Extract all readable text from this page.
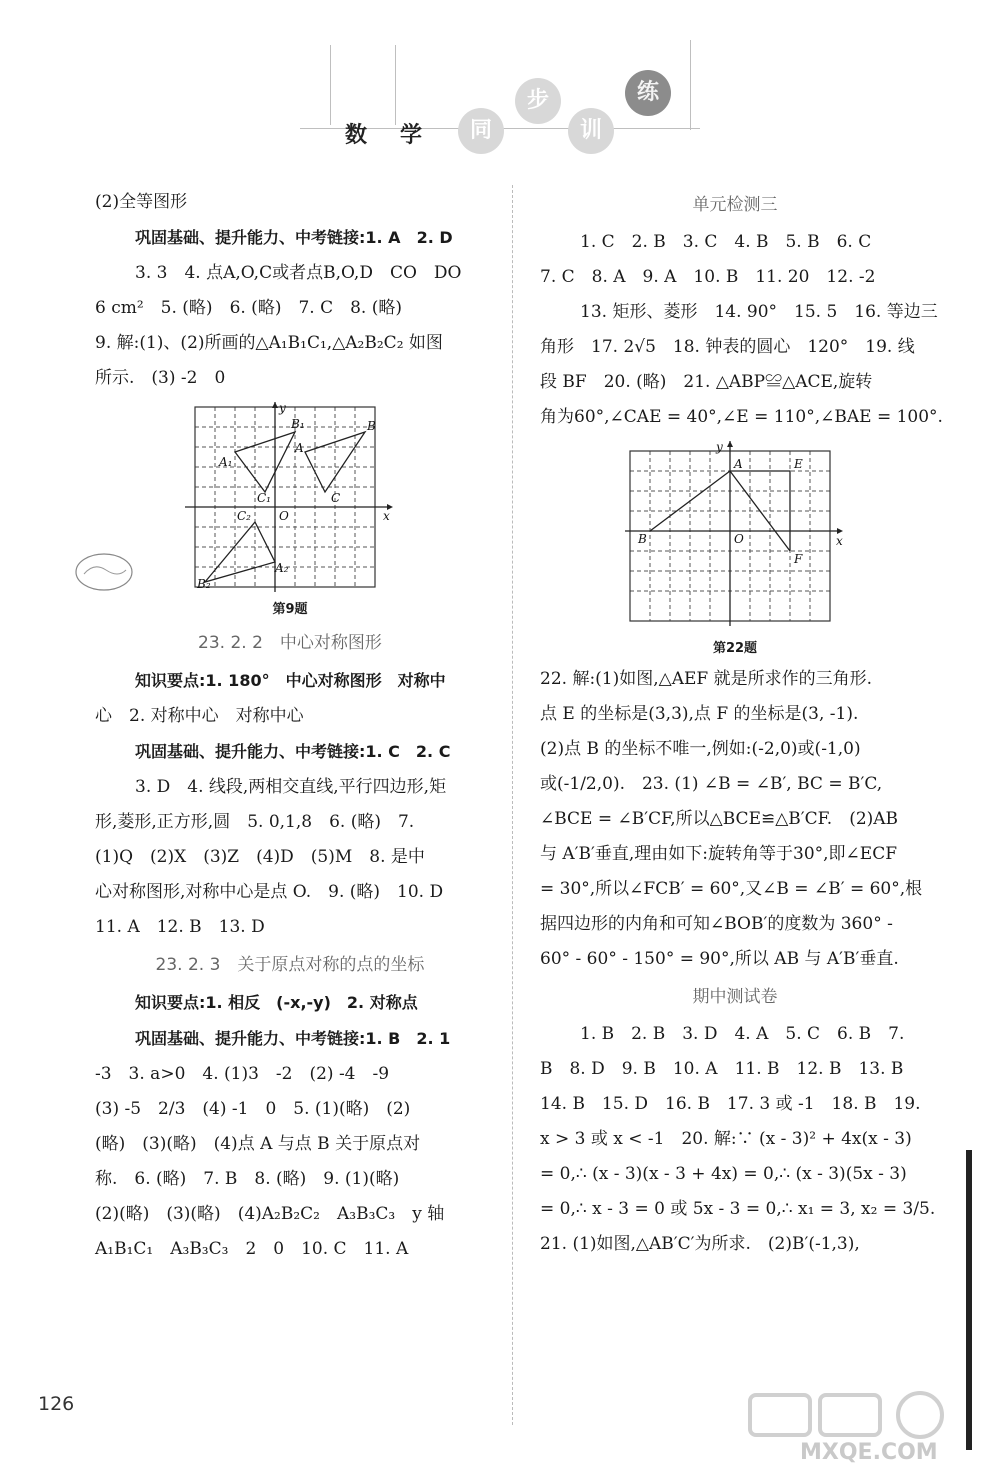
数 学	同
步
训
练
(2)全等图形
巩固基础、提升能力、中考链接:1. A　2. D
3. 3　4. 点A,O,C或者点B,O,D　CO　DO
6 cm²　5. (略)　6. (略)　7. C　8. (略)
9. 解:(1)、(2)所画的△A₁B₁C₁,△A₂B₂C₂ 如图
所示.　(3) -2　0
y
x
O
B₁	B
A
A₁
C₁	C
C₂
A₂
B₂
第9题
23. 2. 2　中心对称图形
知识要点:1. 180°　中心对称图形　对称中
心　2. 对称中心　对称中心
巩固基础、提升能力、中考链接:1. C　2. C
3. D　4. 线段,两相交直线,平行四边形,矩
形,菱形,正方形,圆　5. 0,1,8　6. (略)　7.
(1)Q　(2)X　(3)Z　(4)D　(5)M　8. 是中
心对称图形,对称中心是点 O.　9. (略)　10. D
11. A　12. B　13. D
23. 2. 3　关于原点对称的点的坐标
知识要点:1. 相反　(-x,-y)　2. 对称点
巩固基础、提升能力、中考链接:1. B　2. 1
-3　3. a>0　4. (1)3　-2　(2) -4　-9
(3) -5　2/3　(4) -1　0　5. (1)(略)　(2)
(略)　(3)(略)　(4)点 A 与点 B 关于原点对
称.　6. (略)　7. B　8. (略)　9. (1)(略)
(2)(略)　(3)(略)　(4)A₂B₂C₂　A₃B₃C₃　y 轴
A₁B₁C₁　A₃B₃C₃　2　0　10. C　11. A
单元检测三
1. C　2. B　3. C　4. B　5. B　6. C
7. C　8. A　9. A　10. B　11. 20　12. -2
13. 矩形、菱形　14. 90°　15. 5　16. 等边三
角形　17. 2√5　18. 钟表的圆心　120°　19. 线
段 BF　20. (略)　21. △ABP≌△ACE,旋转
角为60°,∠CAE = 40°,∠E = 110°,∠BAE = 100°.
y
x
O
A	E
B
F
第22题
22. 解:(1)如图,△AEF 就是所求作的三角形.
点 E 的坐标是(3,3),点 F 的坐标是(3, -1).
(2)点 B 的坐标不唯一,例如:(-2,0)或(-1,0)
或(-1/2,0).　23. (1) ∠B = ∠B′, BC = B′C,
∠BCE = ∠B′CF,所以△BCE≌△B′CF.　(2)AB
与 A′B′垂直,理由如下:旋转角等于30°,即∠ECF
= 30°,所以∠FCB′ = 60°,又∠B = ∠B′ = 60°,根
据四边形的内角和可知∠BOB′的度数为 360° -
60° - 60° - 150° = 90°,所以 AB 与 A′B′垂直.
期中测试卷
1. B　2. B　3. D　4. A　5. C　6. B　7.
B　8. D　9. B　10. A　11. B　12. B　13. B
14. B　15. D　16. B　17. 3 或 -1　18. B　19.
x > 3 或 x < -1　20. 解:∵ (x - 3)² + 4x(x - 3)
= 0,∴ (x - 3)(x - 3 + 4x) = 0,∴ (x - 3)(5x - 3)
= 0,∴ x - 3 = 0 或 5x - 3 = 0,∴ x₁ = 3, x₂ = 3/5.
21. (1)如图,△AB′C′为所求.　(2)B′(-1,3),
126
MXQE.COM
